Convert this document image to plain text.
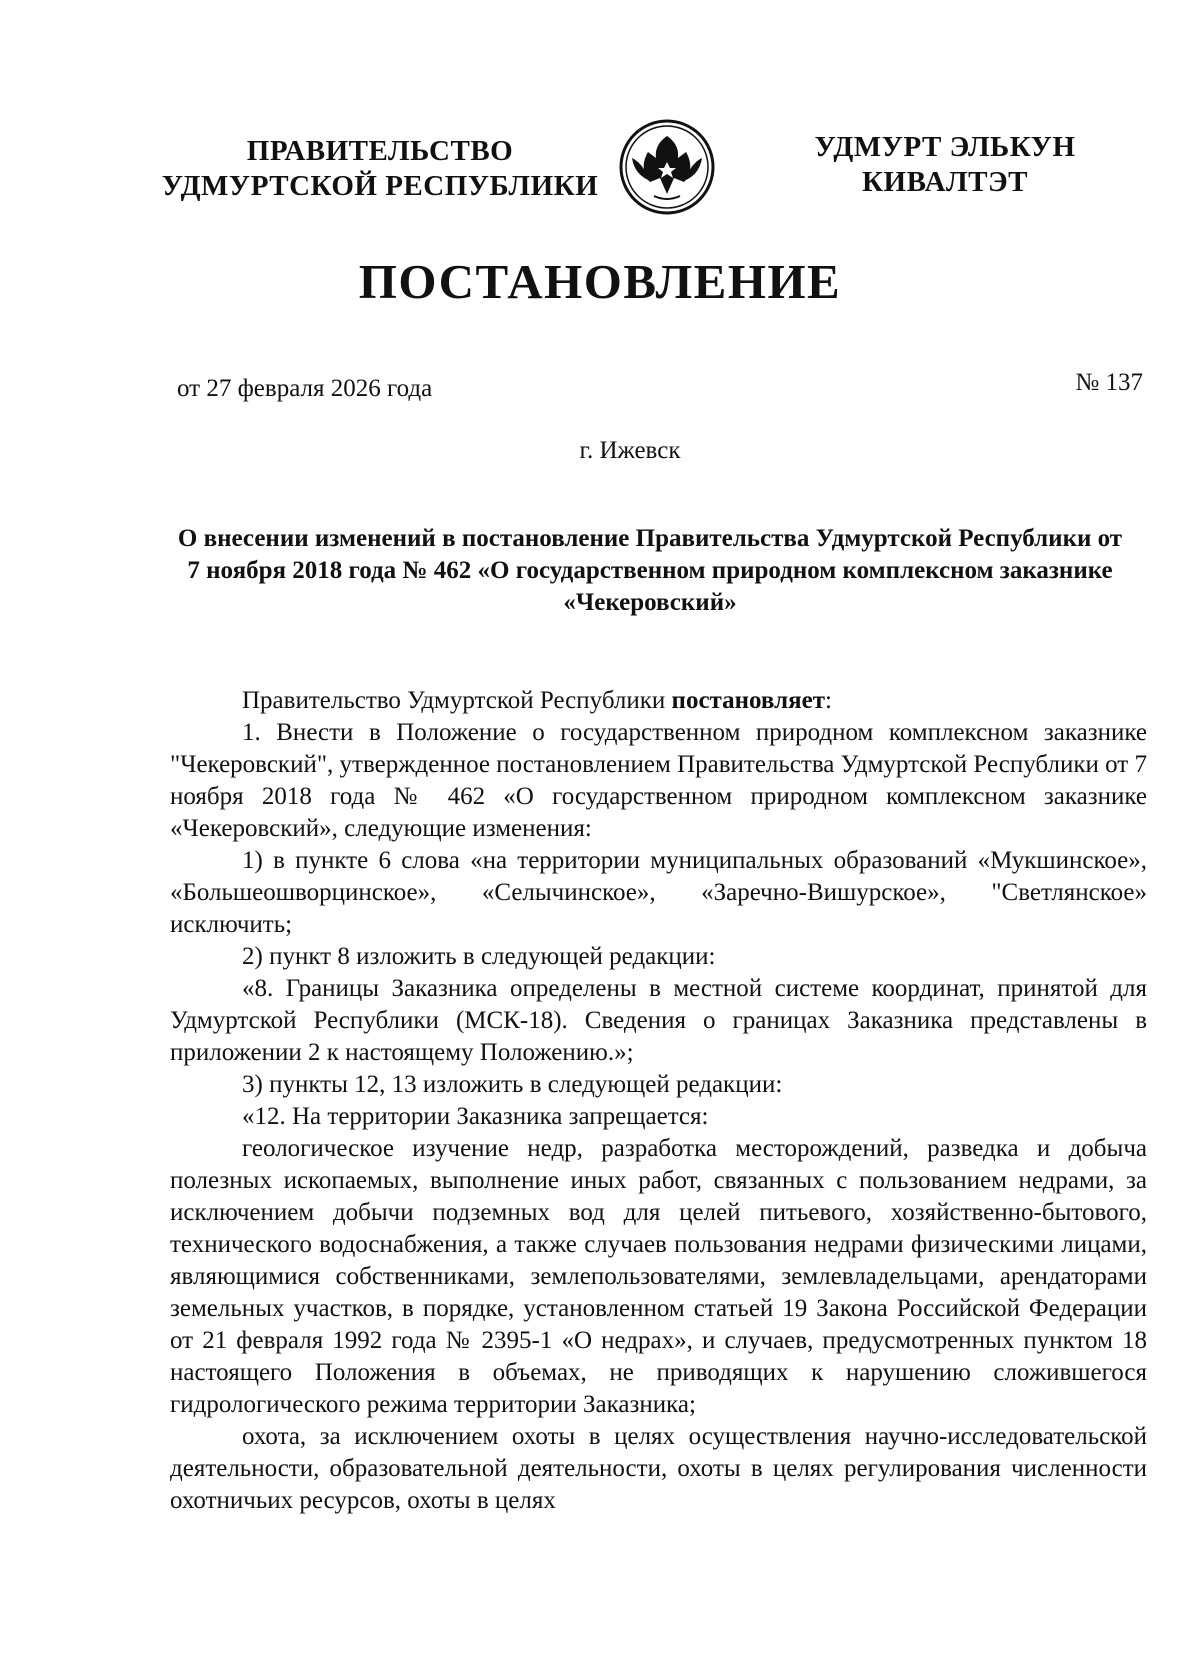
ПРАВИТЕЛЬСТВО
УДМУРТСКОЙ РЕСПУБЛИКИ
УДМУРТ ЭЛЬКУН
КИВАЛТЭТ
ПОСТАНОВЛЕНИЕ
от 27 февраля 2026 года	№ 137
г. Ижевск
О внесении изменений в постановление Правительства Удмуртской Республики от 7 ноября 2018 года № 462 «О государственном природном комплексном заказнике «Чекеровский»

Правительство Удмуртской Республики постановляет:

1. Внести в Положение о государственном природном комплексном заказнике "Чекеровский", утвержденное постановлением Правительства Удмуртской Республики от 7 ноября 2018 года № 462 «О государственном природном комплексном заказнике «Чекеровский», следующие изменения:

1) в пункте 6 слова «на территории муниципальных образований «Мукшинское», «Большеошворцинское», «Селычинское», «Заречно-Вишурское», "Светлянское» исключить;

2) пункт 8 изложить в следующей редакции:

«8. Границы Заказника определены в местной системе координат, принятой для Удмуртской Республики (МСК-18). Сведения о границах Заказника представлены в приложении 2 к настоящему Положению.»;

3) пункты 12, 13 изложить в следующей редакции:

«12. На территории Заказника запрещается:

геологическое изучение недр, разработка месторождений, разведка и добыча полезных ископаемых, выполнение иных работ, связанных с пользованием недрами, за исключением добычи подземных вод для целей питьевого, хозяйственно-бытового, технического водоснабжения, а также случаев пользования недрами физическими лицами, являющимися собственниками, землепользователями, землевладельцами, арендаторами земельных участков, в порядке, установленном статьей 19 Закона Российской Федерации от 21 февраля 1992 года № 2395-1 «О недрах», и случаев, предусмотренных пунктом 18 настоящего Положения в объемах, не приводящих к нарушению сложившегося гидрологического режима территории Заказника;

охота, за исключением охоты в целях осуществления научно-исследовательской деятельности, образовательной деятельности, охоты в целях регулирования численности охотничьих ресурсов, охоты в целях
